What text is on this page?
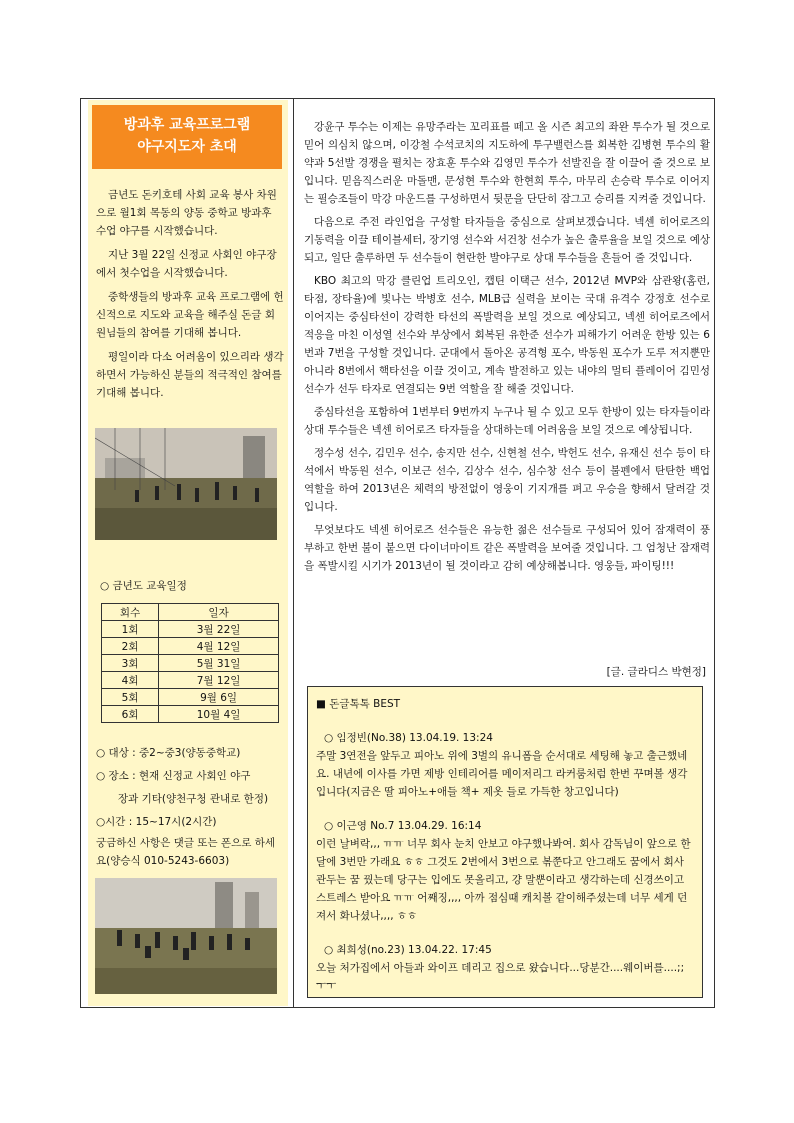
방과후 교육프로그램
야구지도자 초대

금년도 돈키호테 사회 교육 봉사 차원으로 월1회 목동의 양동 중학교 방과후 수업 야구를 시작했습니다.

지난 3월 22일 신정교 사회인 야구장에서 첫수업을 시작했습니다.

중학생들의 방과후 교육 프로그램에 헌신적으로 지도와 교육을 해주실 돈글 회원님들의 참여를 기대해 봅니다.

평일이라 다소 어려움이 있으리라 생각 하면서 가능하신 분들의 적극적인 참여를 기대해 봅니다.

○ 금년도 교육일정
회수	일자
1회	3월 22일
2회	4월 12일
3회	5월 31일
4회	7월 12일
5회	9월 6일
6회	10월 4일
○ 대상 : 중2~중3(양동중학교)
○ 장소 : 현재 신정교 사회인 야구
장과 기타(양천구청 관내로 한정)
○시간 : 15~17시(2시간)
궁금하신 사항은 댓글 또는 폰으로 하세요(양승식 010-5243-6603)

강윤구 투수는 이제는 유망주라는 꼬리표를 떼고 올 시즌 최고의 좌완 투수가 될 것으로 믿어 의심치 않으며, 이강철 수석코치의 지도하에 투구밸런스를 회복한 김병현 투수의 활약과 5선발 경쟁을 펼치는 장효훈 투수와 김영민 투수가 선발진을 잘 이끌어 줄 것으로 보입니다. 믿음직스러운 마돌맨, 문성현 투수와 한현희 투수, 마무리 손승락 투수로 이어지는 필승조들이 막강 마운드를 구성하면서 뒷문을 단단히 잠그고 승리를 지켜줄 것입니다.

다음으로 주전 라인업을 구성할 타자들을 중심으로 살펴보겠습니다. 넥센 히어로즈의 기동력을 이끌 테이블세터, 장기영 선수와 서건창 선수가 높은 출루율을 보일 것으로 예상되고, 일단 출루하면 두 선수들이 현란한 발야구로 상대 투수들을 흔들어 줄 것입니다.

KBO 최고의 막강 클린업 트리오인, 캡틴 이택근 선수, 2012년 MVP와 삼관왕(홈런, 타점, 장타율)에 빛나는 박병호 선수, MLB급 실력을 보이는 국대 유격수 강정호 선수로 이어지는 중심타선이 강력한 타선의 폭발력을 보일 것으로 예상되고, 넥센 히어로즈에서 적응을 마친 이성열 선수와 부상에서 회복된 유한준 선수가 피해가기 어려운 한방 있는 6번과 7번을 구성할 것입니다. 군대에서 돌아온 공격형 포수, 박동원 포수가 도루 저지뿐만 아니라 8번에서 핵타선을 이끌 것이고, 계속 발전하고 있는 내야의 멀티 플레이어 김민성 선수가 선두 타자로 연결되는 9번 역할을 잘 해줄 것입니다.

중심타선을 포함하여 1번부터 9번까지 누구나 될 수 있고 모두 한방이 있는 타자들이라 상대 투수들은 넥센 히어로즈 타자들을 상대하는데 어려움을 보일 것으로 예상됩니다.

정수성 선수, 김민우 선수, 송지만 선수, 신현철 선수, 박헌도 선수, 유재신 선수 등이 타석에서 박동원 선수, 이보근 선수, 김상수 선수, 심수창 선수 등이 불펜에서 탄탄한 백업 역할을 하여 2013년은 체력의 방전없이 영웅이 기지개를 펴고 우승을 향해서 달려갈 것입니다.

무엇보다도 넥센 히어로즈 선수들은 유능한 젊은 선수들로 구성되어 있어 잠재력이 풍부하고 한번 불이 붙으면 다이너마이트 같은 폭발력을 보여줄 것입니다. 그 엄청난 잠재력을 폭발시킬 시기가 2013년이 될 것이라고 감히 예상해봅니다. 영웅들, 파이팅!!!

[글. 글라디스 박현정]
■ 돈글톡톡 BEST
○ 임정빈(No.38) 13.04.19. 13:24
주말 3연전을 앞두고 피아노 위에 3벌의 유니폼을 순서대로 세팅해 놓고 출근했네요. 내년에 이사를 가면 제방 인테리어를 메이저리그 라커룸처럼 한번 꾸며볼 생각입니다(지금은 딸 피아노+애들 책+ 제옷 들로 가득한 창고입니다)
○ 이근영 No.7 13.04.29. 16:14
이런 날벼락,,, ㅠㅠ 너무 회사 눈치 안보고 야구했나봐여. 회사 감독님이 앞으로 한달에 3번만 가래요 ㅎㅎ 그것도 2번에서 3번으로 볶쭌다고 안그래도 꿈에서 회사 관두는 꿈 꿨는데 당구는 입에도 못올리고, 걍 말뿐이라고 생각하는데 신경쓰이고 스트레스 받아요 ㅠㅠ 어째징,,,, 아까 점심때 캐치볼 같이해주셨는데 너무 세게 던져서 화나셨나,,,, ㅎㅎ
○ 최희성(no.23) 13.04.22. 17:45
오늘 처가집에서 아들과 와이프 데리고 집으로 왔습니다...당분간....웨이버를....;;ㅜㅜ
